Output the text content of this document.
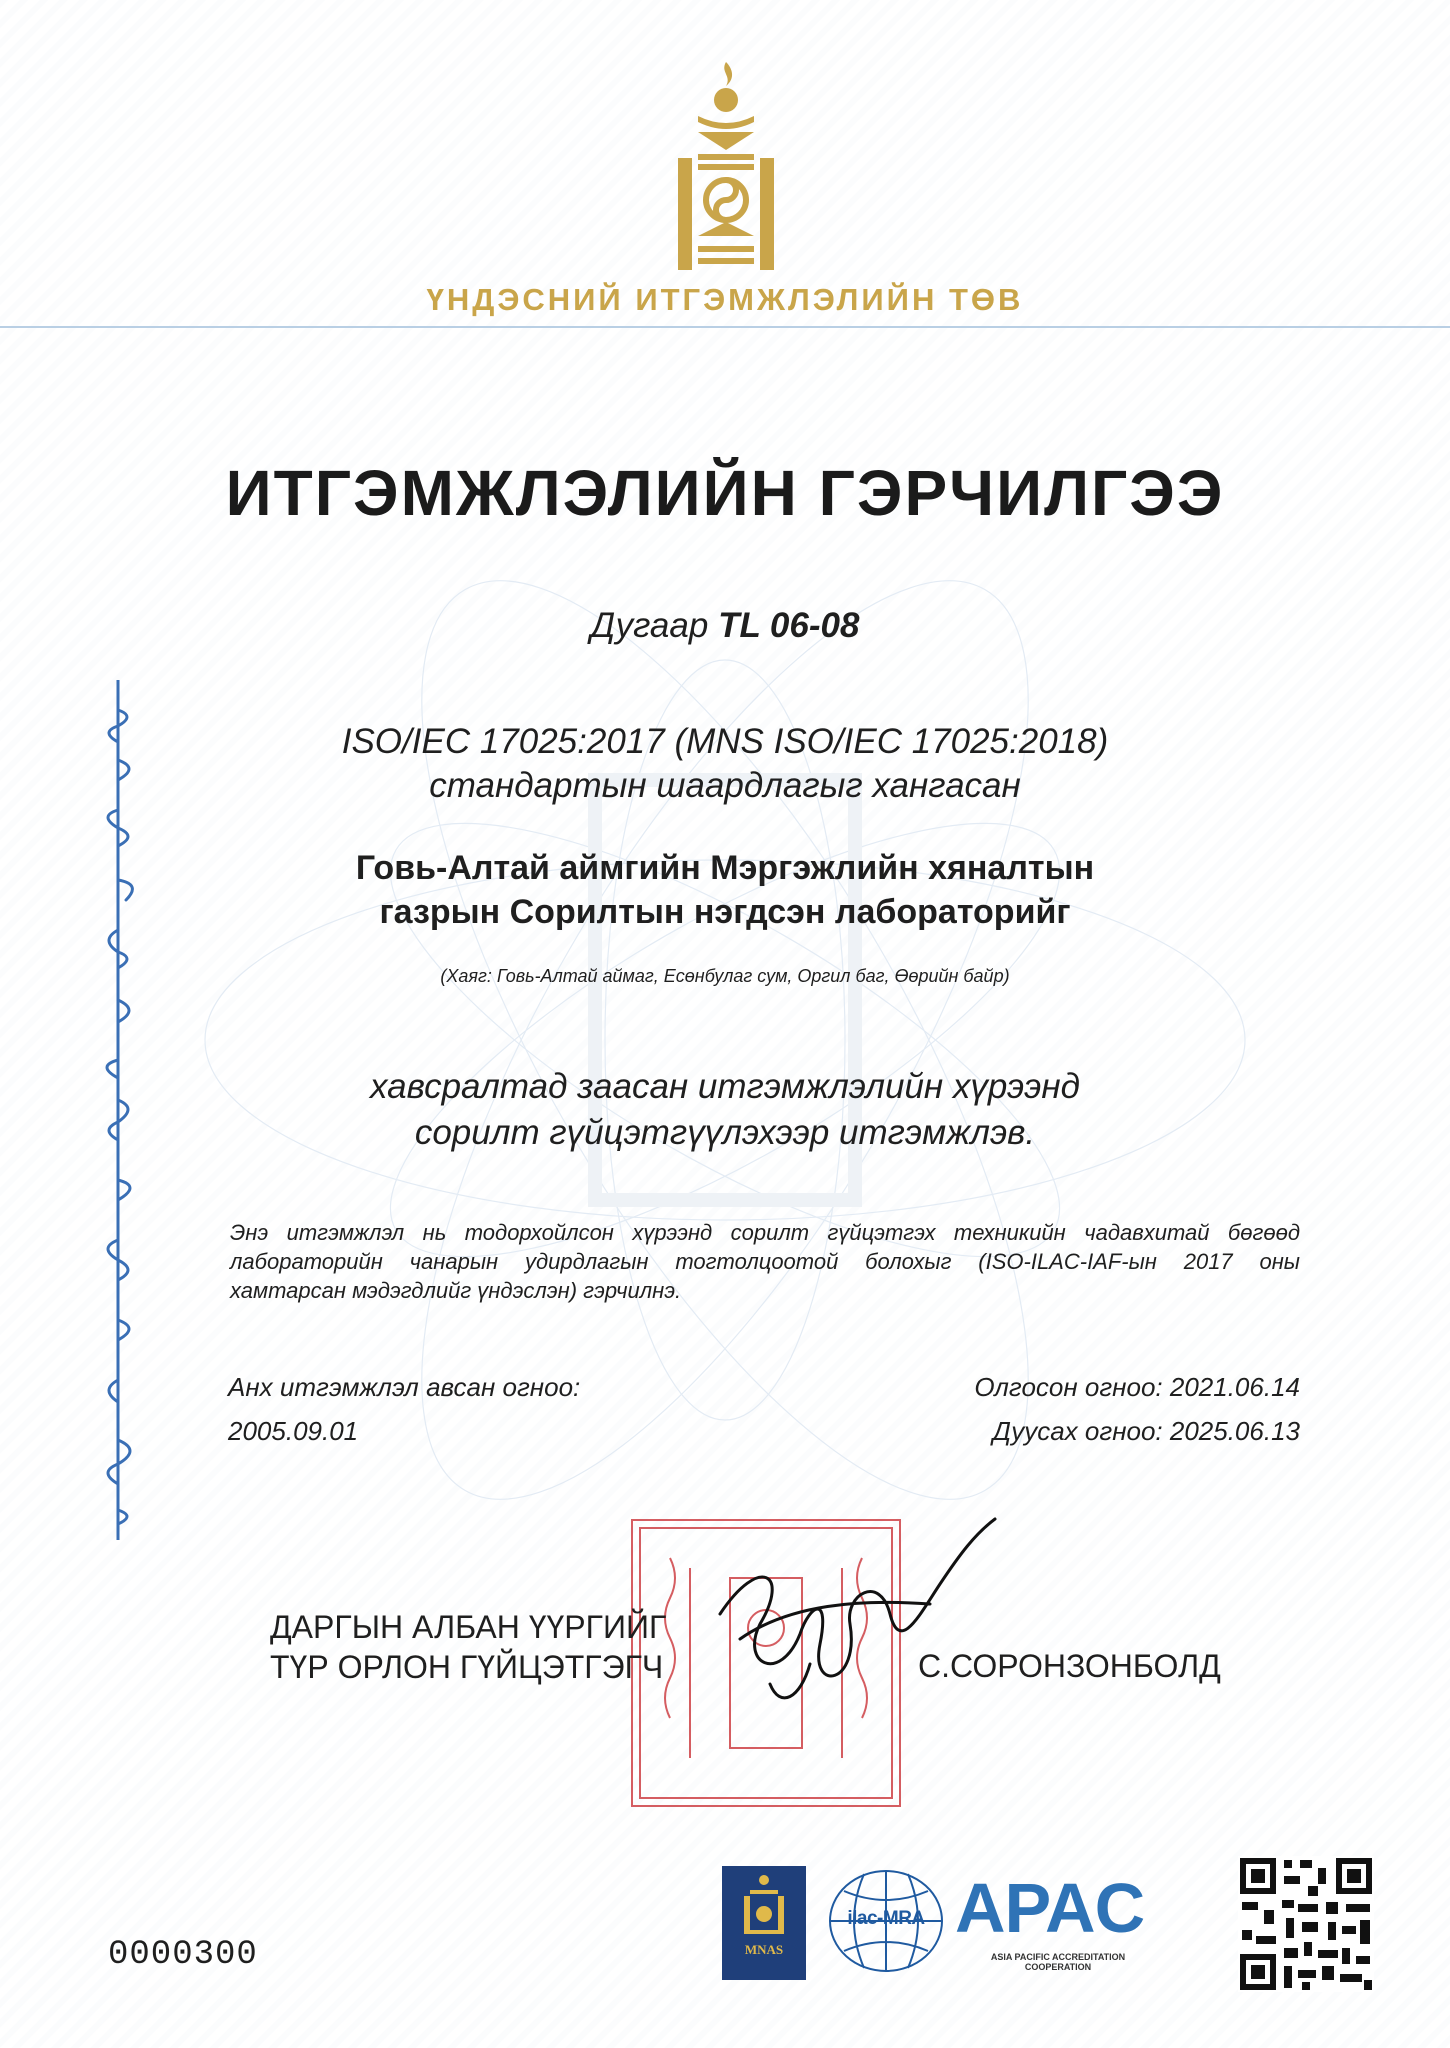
ҮНДЭСНИЙ ИТГЭМЖЛЭЛИЙН ТӨВ
ИТГЭМЖЛЭЛИЙН ГЭРЧИЛГЭЭ
Дугаар TL 06-08
ISO/IEC 17025:2017 (MNS ISO/IEC 17025:2018)
стандартын шаардлагыг хангасан
Говь-Алтай аймгийн Мэргэжлийн хяналтын
газрын Сорилтын нэгдсэн лабораторийг
(Хаяг: Говь-Алтай аймаг, Есөнбулаг сум, Оргил баг, Өөрийн байр)
хавсралтад заасан итгэмжлэлийн хүрээнд
сорилт гүйцэтгүүлэхээр итгэмжлэв.
Энэ итгэмжлэл нь тодорхойлсон хүрээнд сорилт гүйцэтгэх техникийн чадавхитай бөгөөд
лабораторийн чанарын удирдлагын тогтолцоотой болохыг (ISO-ILAC-IAF-ын 2017 оны
хамтарсан мэдэгдлийг үндэслэн) гэрчилнэ.
Анх итгэмжлэл авсан огноо:
2005.09.01
Олгосон огноо: 2021.06.14
Дуусах огноо: 2025.06.13
ДАРГЫН АЛБАН ҮҮРГИЙГ
ТҮР ОРЛОН ГҮЙЦЭТГЭГЧ	С.СОРОНЗОНБОЛД
MNAS
ilac-MRA APAC
ASIA PACIFIC ACCREDITATION COOPERATION
0000300
